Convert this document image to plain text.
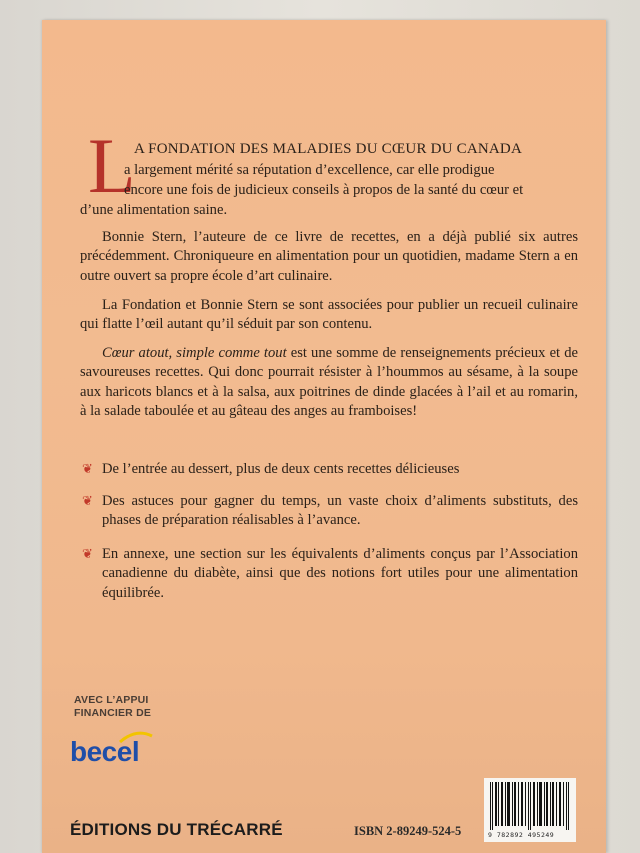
L
A FONDATION DES MALADIES DU CŒUR DU CANADA
a largement mérité sa réputation d’excellence, car elle prodigue
encore une fois de judicieux conseils à propos de la santé du cœur et
d’une alimentation saine.

Bonnie Stern, l’auteure de ce livre de recettes, en a déjà publié six autres précédemment. Chroniqueure en alimentation pour un quotidien, madame Stern a en outre ouvert sa propre école d’art culinaire.

La Fondation et Bonnie Stern se sont associées pour publier un recueil culinaire qui flatte l’œil autant qu’il séduit par son contenu.

Cœur atout, simple comme tout est une somme de renseignements précieux et de savoureuses recettes. Qui donc pourrait résister à l’hoummos au sésame, à la soupe aux haricots blancs et à la salsa, aux poitrines de dinde glacées à l’ail et au romarin, à la salade taboulée et au gâteau des anges au framboises!

❦ De l’entrée au dessert, plus de deux cents recettes délicieuses

❦ Des astuces pour gagner du temps, un vaste choix d’aliments substituts, des phases de préparation réalisables à l’avance.

❦ En annexe, une section sur les équivalents d’aliments conçus par l’Association canadienne du diabète, ainsi que des notions fort utiles pour une alimentation équilibrée.

AVEC L’APPUI
FINANCIER DE
becel
ÉDITIONS DU TRÉCARRÉ	ISBN 2-89249-524-5	9 782892 495249
